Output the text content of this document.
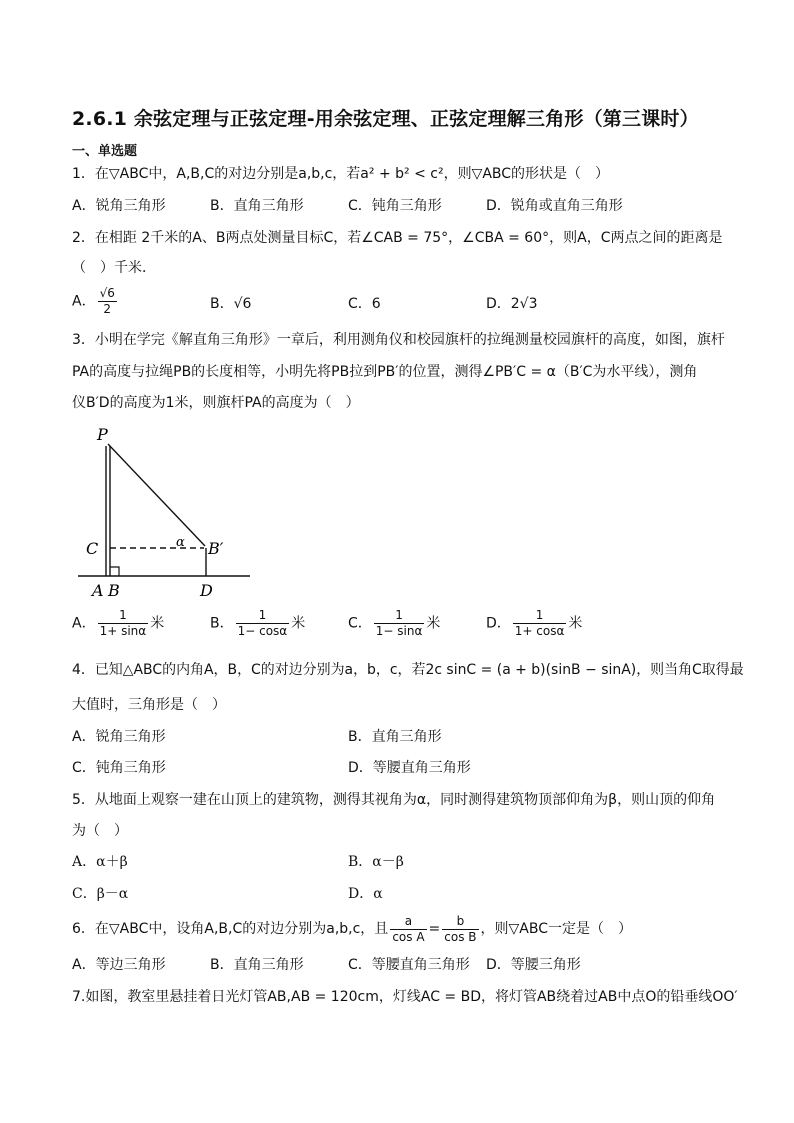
2.6.1 余弦定理与正弦定理-用余弦定理、正弦定理解三角形（第三课时）
一、单选题
1．在▽ABC中，A,B,C的对边分别是a,b,c，若a² + b² < c²，则▽ABC的形状是（　）
A．锐角三角形	B．直角三角形	C．钝角三角形	D．锐角或直角三角形
2．在相距 2千米的A、B两点处测量目标C，若∠CAB = 75°，∠CBA = 60°，则A，C两点之间的距离是
（　）千米．
A． $\frac{√6}{2}$	B．√6	C．6	D．2√3
3．小明在学完《解直角三角形》一章后，利用测角仪和校园旗杆的拉绳测量校园旗杆的高度，如图，旗杆
PA的高度与拉绳PB的长度相等，小明先将PB拉到PB′的位置，测得∠PB′C = α（B′C为水平线），测角
仪B′D的高度为1米，则旗杆PA的高度为（　）
P
C
A B
B′
D
α
A． $\frac{1}{1+ \sin\alpha}$ 米	B． $\frac{1}{1- \cos\alpha}$ 米	C． $\frac{1}{1- \sin\alpha}$ 米	D． $\frac{1}{1+ \cos\alpha}$ 米
4．已知△ABC的内角A，B，C的对边分别为a，b，c，若2c sinC = (a + b)(sinB − sinA)，则当角C取得最
大值时，三角形是（　）
A．锐角三角形	B．直角三角形
C．钝角三角形	D．等腰直角三角形
5．从地面上观察一建在山顶上的建筑物，测得其视角为α，同时测得建筑物顶部仰角为β，则山顶的仰角
为（　）
A．α＋β	B．α－β
C．β－α	D．α
6．在▽ABC中，设角A,B,C的对边分别为a,b,c，且 $\frac{a}{\text{cos A}} = \frac{b}{\text{cos B}}$ ，则▽ABC一定是（　）
A．等边三角形	B．直角三角形	C．等腰直角三角形 D．等腰三角形
7.如图，教室里悬挂着日光灯管AB,AB = 120cm，灯线AC = BD，将灯管AB绕着过AB中点O的铅垂线OO′
